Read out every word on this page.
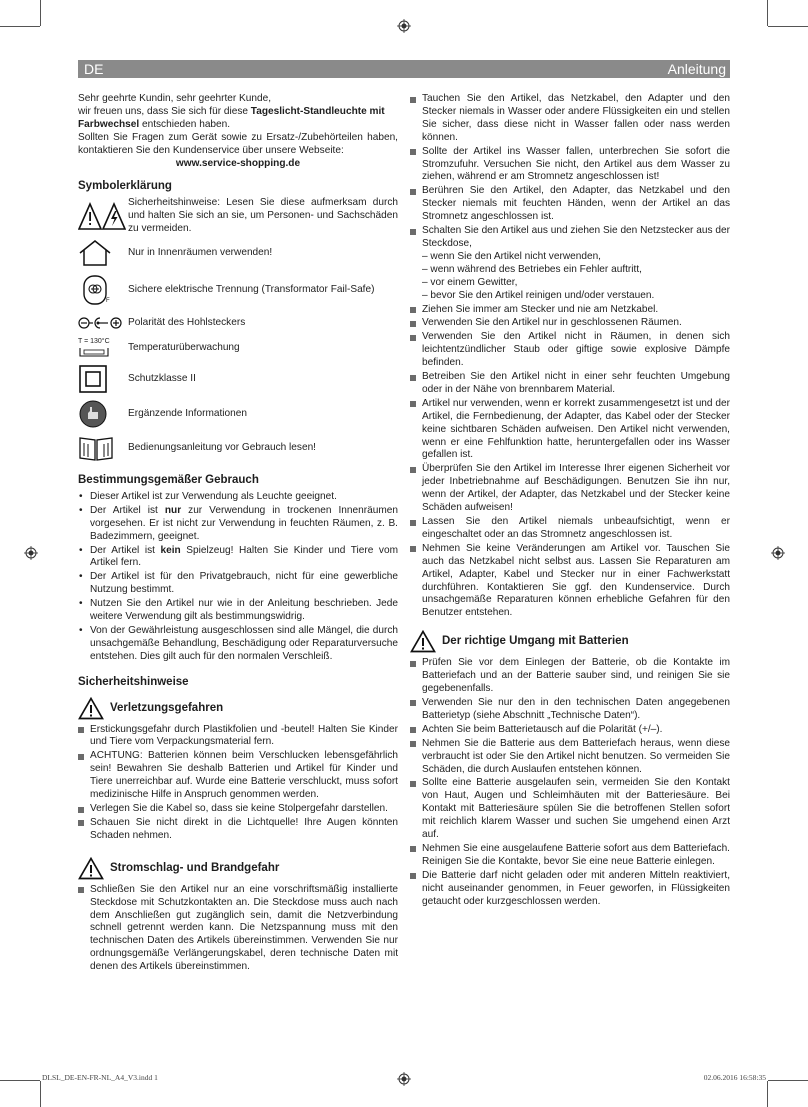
DE	Anleitung

Sehr geehrte Kundin, sehr geehrter Kunde,

wir freuen uns, dass Sie sich für diese Tageslicht-Standleuchte mit Farbwechsel entschieden haben.

Sollten Sie Fragen zum Gerät sowie zu Ersatz-/Zubehörteilen haben, kontaktieren Sie den Kundenservice über unsere Webseite:

www.service-shopping.de

Symbolerklärung
Sicherheitshinweise: Lesen Sie diese aufmerksam durch und halten Sie sich an sie, um Personen- und Sachschäden zu vermeiden.
Nur in Innenräumen verwenden!
F
Sichere elektrische Trennung (Transformator Fail-Safe)
Polarität des Hohlsteckers
T = 130°C
Temperaturüberwachung
Schutzklasse II
Ergänzende Informationen
Bedienungsanleitung vor Gebrauch lesen!
Bestimmungsgemäßer Gebrauch
• Dieser Artikel ist zur Verwendung als Leuchte geeignet.
• Der Artikel ist nur zur Verwendung in trockenen Innenräumen vorgesehen. Er ist nicht zur Verwendung in feuchten Räumen, z. B. Badezimmern, geeignet.
• Der Artikel ist kein Spielzeug! Halten Sie Kinder und Tiere vom Artikel fern.
• Der Artikel ist für den Privatgebrauch, nicht für eine gewerbliche Nutzung bestimmt.
• Nutzen Sie den Artikel nur wie in der Anleitung beschrieben. Jede weitere Verwendung gilt als bestimmungswidrig.
• Von der Gewährleistung ausgeschlossen sind alle Mängel, die durch unsachgemäße Behandlung, Beschädigung oder Reparaturversuche entstehen. Dies gilt auch für den normalen Verschleiß.
Sicherheitshinweise
Verletzungsgefahren
Erstickungsgefahr durch Plastikfolien und -beutel! Halten Sie Kinder und Tiere vom Verpackungsmaterial fern.
ACHTUNG: Batterien können beim Verschlucken lebensgefährlich sein! Bewahren Sie deshalb Batterien und Artikel für Kinder und Tiere unerreichbar auf. Wurde eine Batterie verschluckt, muss sofort medizinische Hilfe in Anspruch genommen werden.
Verlegen Sie die Kabel so, dass sie keine Stolpergefahr darstellen.
Schauen Sie nicht direkt in die Lichtquelle! Ihre Augen könnten Schaden nehmen.
Stromschlag- und Brandgefahr
Schließen Sie den Artikel nur an eine vorschriftsmäßig installierte Steckdose mit Schutzkontakten an. Die Steckdose muss auch nach dem Anschließen gut zugänglich sein, damit die Netzverbindung schnell getrennt werden kann. Die Netzspannung muss mit den technischen Daten des Artikels übereinstimmen. Verwenden Sie nur ordnungsgemäße Verlängerungskabel, deren technische Daten mit denen des Artikels übereinstimmen.
Tauchen Sie den Artikel, das Netzkabel, den Adapter und den Stecker niemals in Wasser oder andere Flüssigkeiten ein und stellen Sie sicher, dass diese nicht in Wasser fallen oder nass werden können.
Sollte der Artikel ins Wasser fallen, unterbrechen Sie sofort die Stromzufuhr. Versuchen Sie nicht, den Artikel aus dem Wasser zu ziehen, während er am Stromnetz angeschlossen ist!
Berühren Sie den Artikel, den Adapter, das Netzkabel und den Stecker niemals mit feuchten Händen, wenn der Artikel an das Stromnetz angeschlossen ist.
Schalten Sie den Artikel aus und ziehen Sie den Netzstecker aus der Steckdose,
– wenn Sie den Artikel nicht verwenden,
– wenn während des Betriebes ein Fehler auftritt,
– vor einem Gewitter,
– bevor Sie den Artikel reinigen und/oder verstauen.
Ziehen Sie immer am Stecker und nie am Netzkabel.
Verwenden Sie den Artikel nur in geschlossenen Räumen.
Verwenden Sie den Artikel nicht in Räumen, in denen sich leichtentzündlicher Staub oder giftige sowie explosive Dämpfe befinden.
Betreiben Sie den Artikel nicht in einer sehr feuchten Umgebung oder in der Nähe von brennbarem Material.
Artikel nur verwenden, wenn er korrekt zusammengesetzt ist und der Artikel, die Fernbedienung, der Adapter, das Kabel oder der Stecker keine sichtbaren Schäden aufweisen. Den Artikel nicht verwenden, wenn er eine Fehlfunktion hatte, heruntergefallen oder ins Wasser gefallen ist.
Überprüfen Sie den Artikel im Interesse Ihrer eigenen Sicherheit vor jeder Inbetriebnahme auf Beschädigungen. Benutzen Sie ihn nur, wenn der Artikel, der Adapter, das Netzkabel und der Stecker keine Schäden aufweisen!
Lassen Sie den Artikel niemals unbeaufsichtigt, wenn er eingeschaltet oder an das Stromnetz angeschlossen ist.
Nehmen Sie keine Veränderungen am Artikel vor. Tauschen Sie auch das Netzkabel nicht selbst aus. Lassen Sie Reparaturen am Artikel, Adapter, Kabel und Stecker nur in einer Fachwerkstatt durchführen. Kontaktieren Sie ggf. den Kundenservice. Durch unsachgemäße Reparaturen können erhebliche Gefahren für den Benutzer entstehen.
Der richtige Umgang mit Batterien
Prüfen Sie vor dem Einlegen der Batterie, ob die Kontakte im Batteriefach und an der Batterie sauber sind, und reinigen Sie sie gegebenenfalls.
Verwenden Sie nur den in den technischen Daten angegebenen Batterietyp (siehe Abschnitt „Technische Daten“).
Achten Sie beim Batterietausch auf die Polarität (+/–).
Nehmen Sie die Batterie aus dem Batteriefach heraus, wenn diese verbraucht ist oder Sie den Artikel nicht benutzen. So vermeiden Sie Schäden, die durch Auslaufen entstehen können.
Sollte eine Batterie ausgelaufen sein, vermeiden Sie den Kontakt von Haut, Augen und Schleimhäuten mit der Batteriesäure. Bei Kontakt mit Batteriesäure spülen Sie die betroffenen Stellen sofort mit reichlich klarem Wasser und suchen Sie umgehend einen Arzt auf.
Nehmen Sie eine ausgelaufene Batterie sofort aus dem Batteriefach. Reinigen Sie die Kontakte, bevor Sie eine neue Batterie einlegen.
Die Batterie darf nicht geladen oder mit anderen Mitteln reaktiviert, nicht auseinander genommen, in Feuer geworfen, in Flüssigkeiten getaucht oder kurzgeschlossen werden.
DLSL_DE-EN-FR-NL_A4_V3.indd 1	02.06.2016 16:58:35
